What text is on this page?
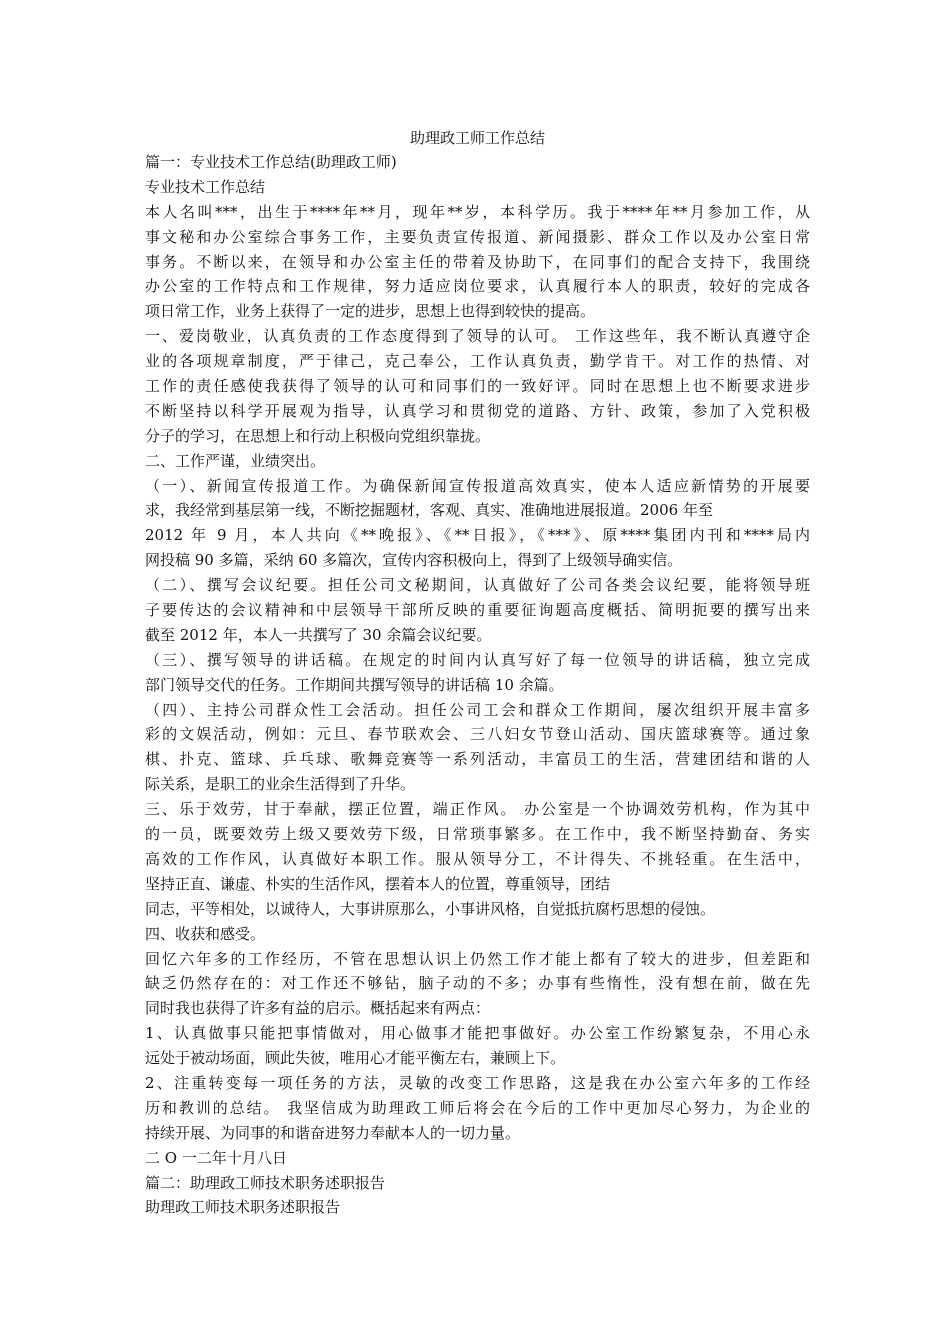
助理政工师工作总结
篇一：专业技术工作总结(助理政工师)
专业技术工作总结
本人名叫***，出生于****年**月，现年**岁，本科学历。我于****年**月参加工作，从
事文秘和办公室综合事务工作，主要负责宣传报道、新闻摄影、群众工作以及办公室日常
事务。不断以来，在领导和办公室主任的带着及协助下，在同事们的配合支持下，我围绕
办公室的工作特点和工作规律，努力适应岗位要求，认真履行本人的职责，较好的完成各
项日常工作，业务上获得了一定的进步，思想上也得到较快的提高。
一、爱岗敬业，认真负责的工作态度得到了领导的认可。 工作这些年，我不断认真遵守企
业的各项规章制度，严于律己，克己奉公，工作认真负责，勤学肯干。对工作的热情、对
工作的责任感使我获得了领导的认可和同事们的一致好评。同时在思想上也不断要求进步
不断坚持以科学开展观为指导，认真学习和贯彻党的道路、方针、政策，参加了入党积极
分子的学习，在思想上和行动上积极向党组织靠拢。
二、工作严谨，业绩突出。
（一）、新闻宣传报道工作。为确保新闻宣传报道高效真实，使本人适应新情势的开展要
求，我经常到基层第一线，不断挖掘题材，客观、真实、准确地进展报道。2006 年至
2012 年 9 月，本人共向《**晚报》、《**日报》，《***》、原****集团内刊和****局内
网投稿 90 多篇，采纳 60 多篇次，宣传内容积极向上，得到了上级领导确实信。
（二）、撰写会议纪要。担任公司文秘期间，认真做好了公司各类会议纪要，能将领导班
子要传达的会议精神和中层领导干部所反映的重要征询题高度概括、简明扼要的撰写出来
截至 2012 年，本人一共撰写了 30 余篇会议纪要。
（三）、撰写领导的讲话稿。在规定的时间内认真写好了每一位领导的讲话稿，独立完成
部门领导交代的任务。工作期间共撰写领导的讲话稿 10 余篇。
（四）、主持公司群众性工会活动。担任公司工会和群众工作期间，屡次组织开展丰富多
彩的文娱活动，例如：元旦、春节联欢会、三八妇女节登山活动、国庆篮球赛等。通过象
棋、扑克、篮球、乒乓球、歌舞竞赛等一系列活动，丰富员工的生活，营建团结和谐的人
际关系，是职工的业余生活得到了升华。
三、乐于效劳，甘于奉献，摆正位置，端正作风。 办公室是一个协调效劳机构，作为其中
的一员，既要效劳上级又要效劳下级，日常琐事繁多。在工作中，我不断坚持勤奋、务实
高效的工作作风，认真做好本职工作。服从领导分工，不计得失、不挑轻重。在生活中，
坚持正直、谦虚、朴实的生活作风，摆着本人的位置，尊重领导，团结
同志，平等相处，以诚待人，大事讲原那么，小事讲风格，自觉抵抗腐朽思想的侵蚀。
四、收获和感受。
回忆六年多的工作经历，不管在思想认识上仍然工作才能上都有了较大的进步，但差距和
缺乏仍然存在的：对工作还不够钻，脑子动的不多；办事有些惰性，没有想在前，做在先
同时我也获得了许多有益的启示。概括起来有两点：
1、认真做事只能把事情做对，用心做事才能把事做好。办公室工作纷繁复杂，不用心永
远处于被动场面，顾此失彼，唯用心才能平衡左右，兼顾上下。
2、注重转变每一项任务的方法，灵敏的改变工作思路，这是我在办公室六年多的工作经
历和教训的总结。 我坚信成为助理政工师后将会在今后的工作中更加尽心努力，为企业的
持续开展、为同事的和谐奋进努力奉献本人的一切力量。
二 O 一二年十月八日
篇二：助理政工师技术职务述职报告
助理政工师技术职务述职报告
